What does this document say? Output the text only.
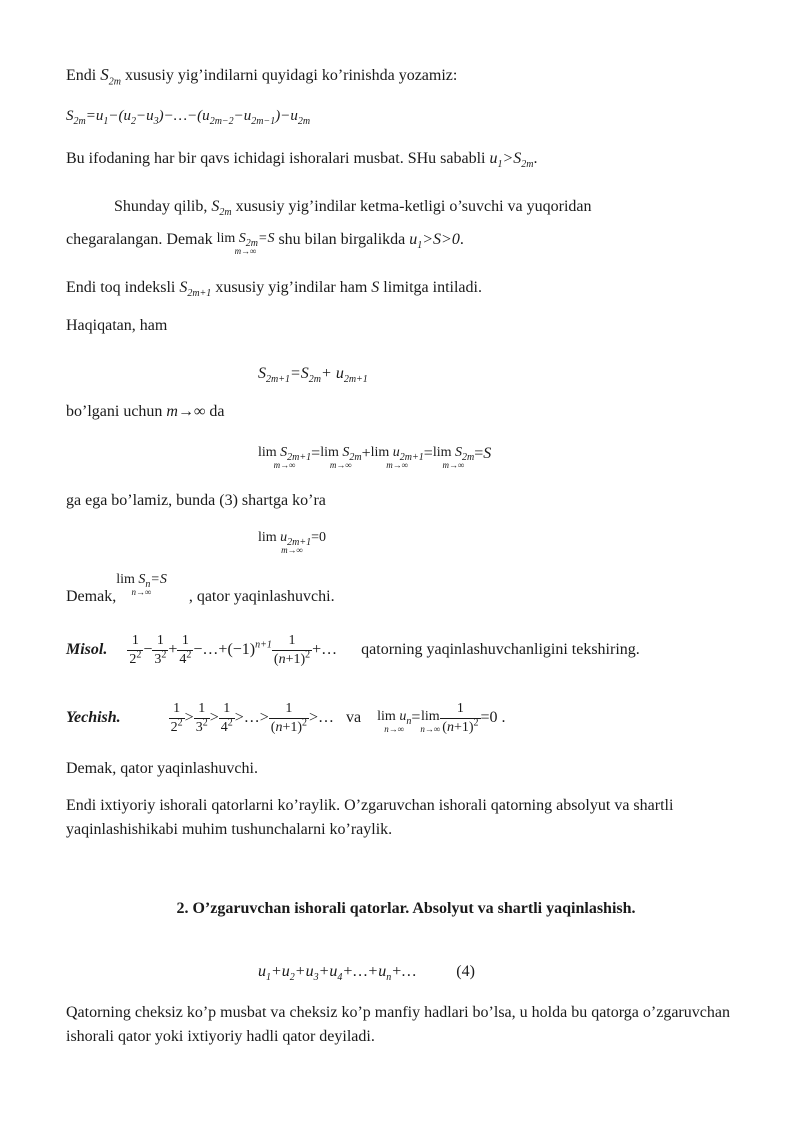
Endi $S_{2m}$ xususiy yig’indilarni quyidagi ko’rinishda yozamiz:
$S_{2m}=u_1-(u_2-u_3)-\dots-(u_{2m-2}-u_{2m-1})-u_{2m}$
Bu ifodaning har bir qavs ichidagi ishoralari musbat. SHu sababli $u_1>S_{2m}$.
Shunday qilib, $S_{2m}$ xususiy yig’indilar ketma-ketligi o’suvchi va yuqoridan
chegaralangan. Demak $\lim S_{2m}=S$
m→∞
shu bilan birgalikda $u_1>S>0$.
Endi toq indeksli $S_{2m+1}$ xususiy yig’indilar ham S limitga intiladi.
Haqiqatan, ham
$S_{2m+1}=S_{2m}+ u_{2m+1}$
bo’lgani uchun m→∞ da
$\lim S_{2m+1}$
m→∞
=lim $S_{2m}$
m→∞
+lim $u_{2m+1}$
m→∞
=lim $S_{2m}$
m→∞
=S
ga ega bo’lamiz, bunda (3) shartga ko’ra
$\lim u_{2m+1}=0$
m→∞
Demak,lim $S_n=S$
n→∞	, qator yaqinlashuvchi.
Misol. $\frac{1}{2^2} - \frac{1}{3^2} + \frac{1}{4^2}$ $-\dots+(-1)^{n+1} \frac{1}{(n+1)^2}$ +… qatorning yaqinlashuvchanligini tekshiring.
Yechish.	$\frac{1}{2^2} > \frac{1}{3^2} > \frac{1}{4^2}$ >…> $\frac{1}{(n+1)^2}$ >… va $\lim u_n$
n→∞
=lim
$n\to\infty \frac{1}{(n+1)^2} =0$ .
Demak, qator yaqinlashuvchi.
Endi ixtiyoriy ishorali qatorlarni ko’raylik. O’zgaruvchan ishorali qatorning absolyut va shartli yaqinlashishikabi muhim tushunchalarni ko’raylik.
2. O’zgaruvchan ishorali qatorlar. Absolyut va shartli yaqinlashish.
$u_1+u_2+u_3+u_4+\dots+u_n+\dots$	(4)
Qatorning cheksiz ko’p musbat va cheksiz ko’p manfiy hadlari bo’lsa, u holda bu qatorga o’zgaruvchan ishorali qator yoki ixtiyoriy hadli qator deyiladi.
